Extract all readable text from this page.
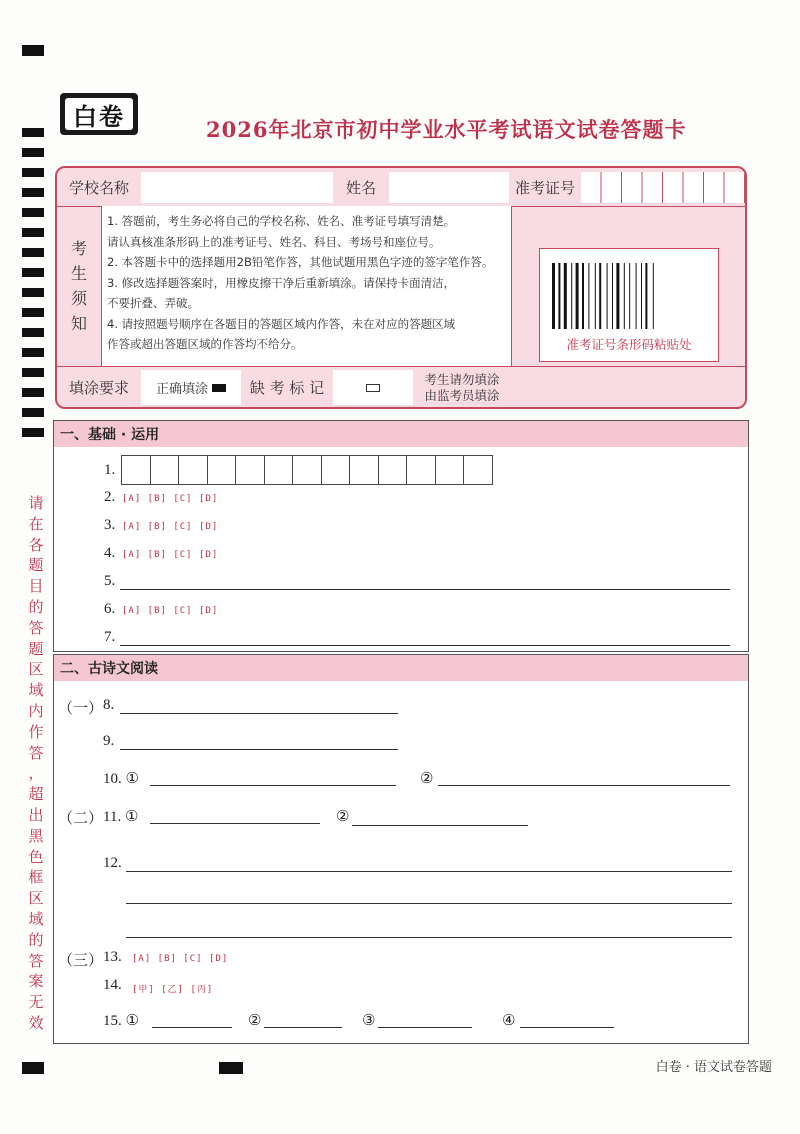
白卷	2026年北京市初中学业水平考试语文试卷答题卡
学校名称	姓名	准考证号
考
生
须
知
1. 答题前，考生务必将自己的学校名称、姓名、准考证号填写清楚。
请认真核准条形码上的准考证号、姓名、科目、考场号和座位号。
2. 本答题卡中的选择题用2B铅笔作答，其他试题用黑色字迹的签字笔作答。
3. 修改选择题答案时，用橡皮擦干净后重新填涂。请保持卡面清洁，
不要折叠、弄破。
4. 请按照题号顺序在各题目的答题区域内作答，未在对应的答题区域
作答或超出答题区域的作答均不给分。	准考证号条形码粘贴处
填涂要求	正确填涂	缺 考 标 记	考生请勿填涂
由监考员填涂
请
在
各
题
目
的
答
题
区
域
内
作
答
，
超
出
黑
色
框
区
域
的
答
案
无
效
一、基础 · 运用
1.
2. [A] [B] [C] [D]
3. [A] [B] [C] [D]
4. [A] [B] [C] [D]
5.
6. [A] [B] [C] [D]
7.
二、古诗文阅读
（一） 8.
9.
10. ①	②
（二） 11. ①	②
12.
（三） 13. [A] [B] [C] [D]
14. [甲] [乙] [丙]
15. ①	②	③	④
白卷 · 语文试卷答题
